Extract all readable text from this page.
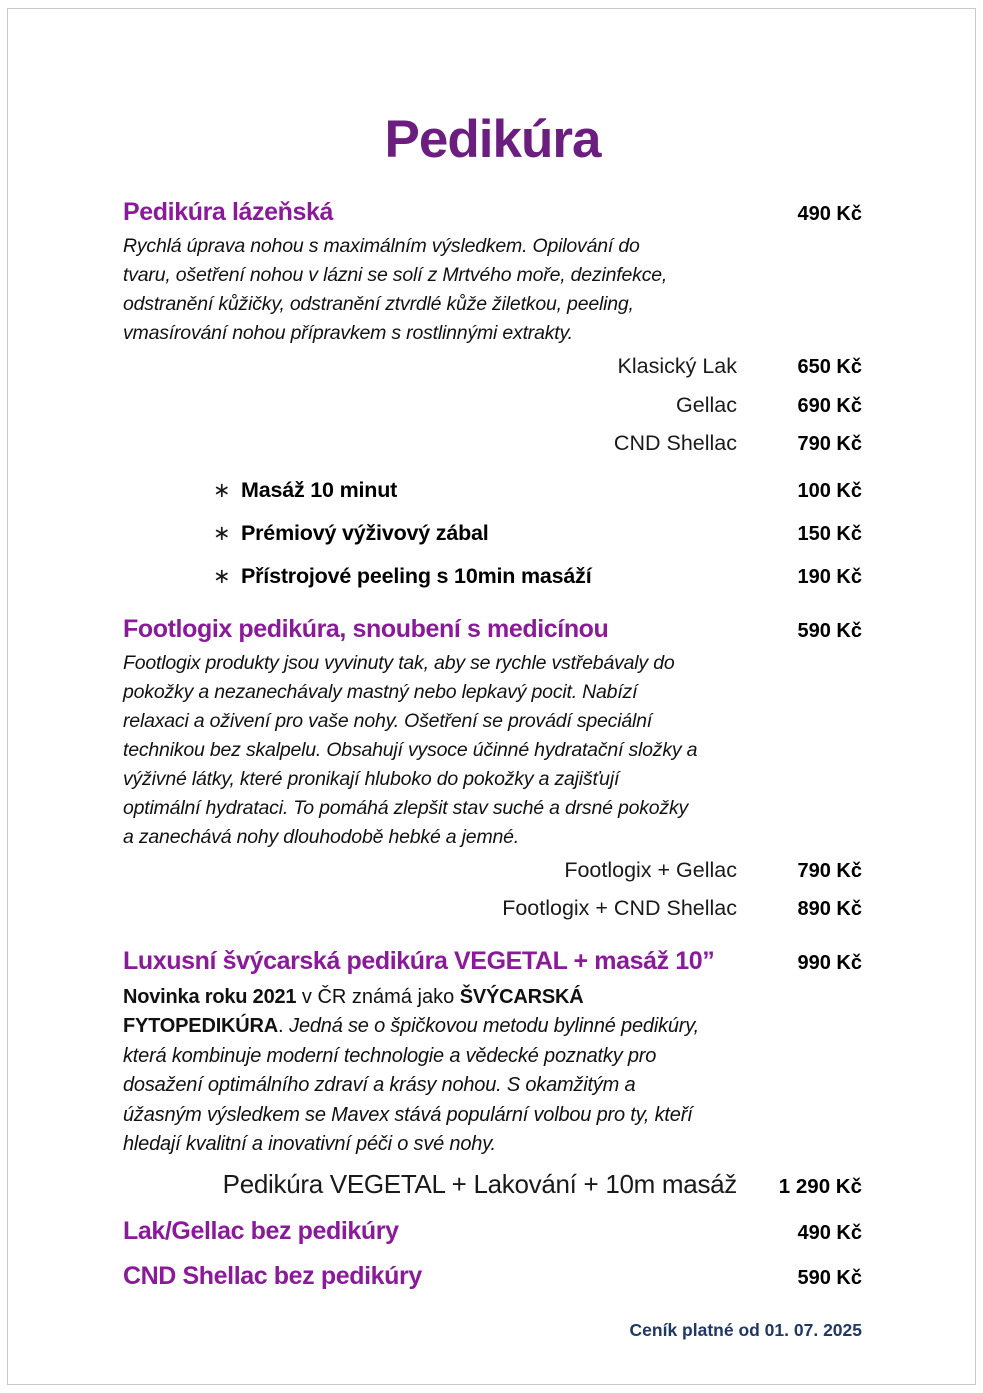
Pedikúra
Pedikúra lázeňská	490 Kč
Rychlá úprava nohou s maximálním výsledkem. Opilování do
tvaru, ošetření nohou v lázni se solí z Mrtvého moře, dezinfekce,
odstranění kůžičky, odstranění ztvrdlé kůže žiletkou, peeling,
vmasírování nohou přípravkem s rostlinnými extrakty.
Klasický Lak	650 Kč
Gellac	690 Kč
CND Shellac	790 Kč
∗ Masáž 10 minut	100 Kč
∗ Prémiový výživový zábal	150 Kč
∗ Přístrojové peeling s 10min masáží	190 Kč
Footlogix pedikúra, snoubení s medicínou	590 Kč
Footlogix produkty jsou vyvinuty tak, aby se rychle vstřebávaly do
pokožky a nezanechávaly mastný nebo lepkavý pocit. Nabízí
relaxaci a oživení pro vaše nohy. Ošetření se provádí speciální
technikou bez skalpelu. Obsahují vysoce účinné hydratační složky a
výživné látky, které pronikají hluboko do pokožky a zajišťují
optimální hydrataci. To pomáhá zlepšit stav suché a drsné pokožky
a zanechává nohy dlouhodobě hebké a jemné.
Footlogix + Gellac	790 Kč
Footlogix + CND Shellac	890 Kč
Luxusní švýcarská pedikúra VEGETAL + masáž 10”	990 Kč
Novinka roku 2021 v ČR známá jako ŠVÝCARSKÁ
FYTOPEDIKÚRA. Jedná se o špičkovou metodu bylinné pedikúry,
která kombinuje moderní technologie a vědecké poznatky pro
dosažení optimálního zdraví a krásy nohou. S okamžitým a
úžasným výsledkem se Mavex stává populární volbou pro ty, kteří
hledají kvalitní a inovativní péči o své nohy.
Pedikúra VEGETAL + Lakování + 10m masáž	1 290 Kč
Lak/Gellac bez pedikúry	490 Kč
CND Shellac bez pedikúry	590 Kč
Ceník platné od 01. 07. 2025
